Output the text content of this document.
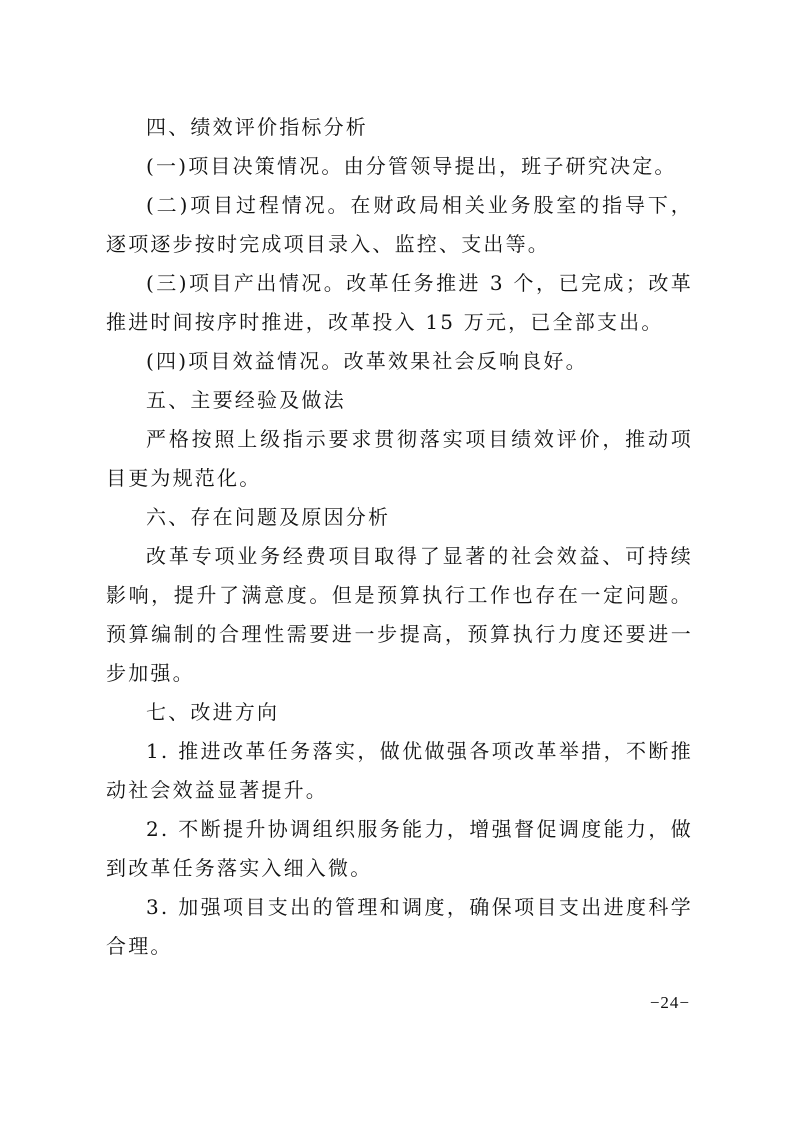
四、绩效评价指标分析

(一)项目决策情况。由分管领导提出，班子研究决定。

(二)项目过程情况。在财政局相关业务股室的指导下，逐项逐步按时完成项目录入、监控、支出等。

(三)项目产出情况。改革任务推进 3 个，已完成；改革推进时间按序时推进，改革投入 15 万元，已全部支出。

(四)项目效益情况。改革效果社会反响良好。

五、主要经验及做法

严格按照上级指示要求贯彻落实项目绩效评价，推动项目更为规范化。

六、存在问题及原因分析

改革专项业务经费项目取得了显著的社会效益、可持续影响，提升了满意度。但是预算执行工作也存在一定问题。预算编制的合理性需要进一步提高，预算执行力度还要进一步加强。

七、改进方向

1. 推进改革任务落实，做优做强各项改革举措，不断推动社会效益显著提升。

2. 不断提升协调组织服务能力，增强督促调度能力，做到改革任务落实入细入微。

3. 加强项目支出的管理和调度，确保项目支出进度科学合理。

−24−
